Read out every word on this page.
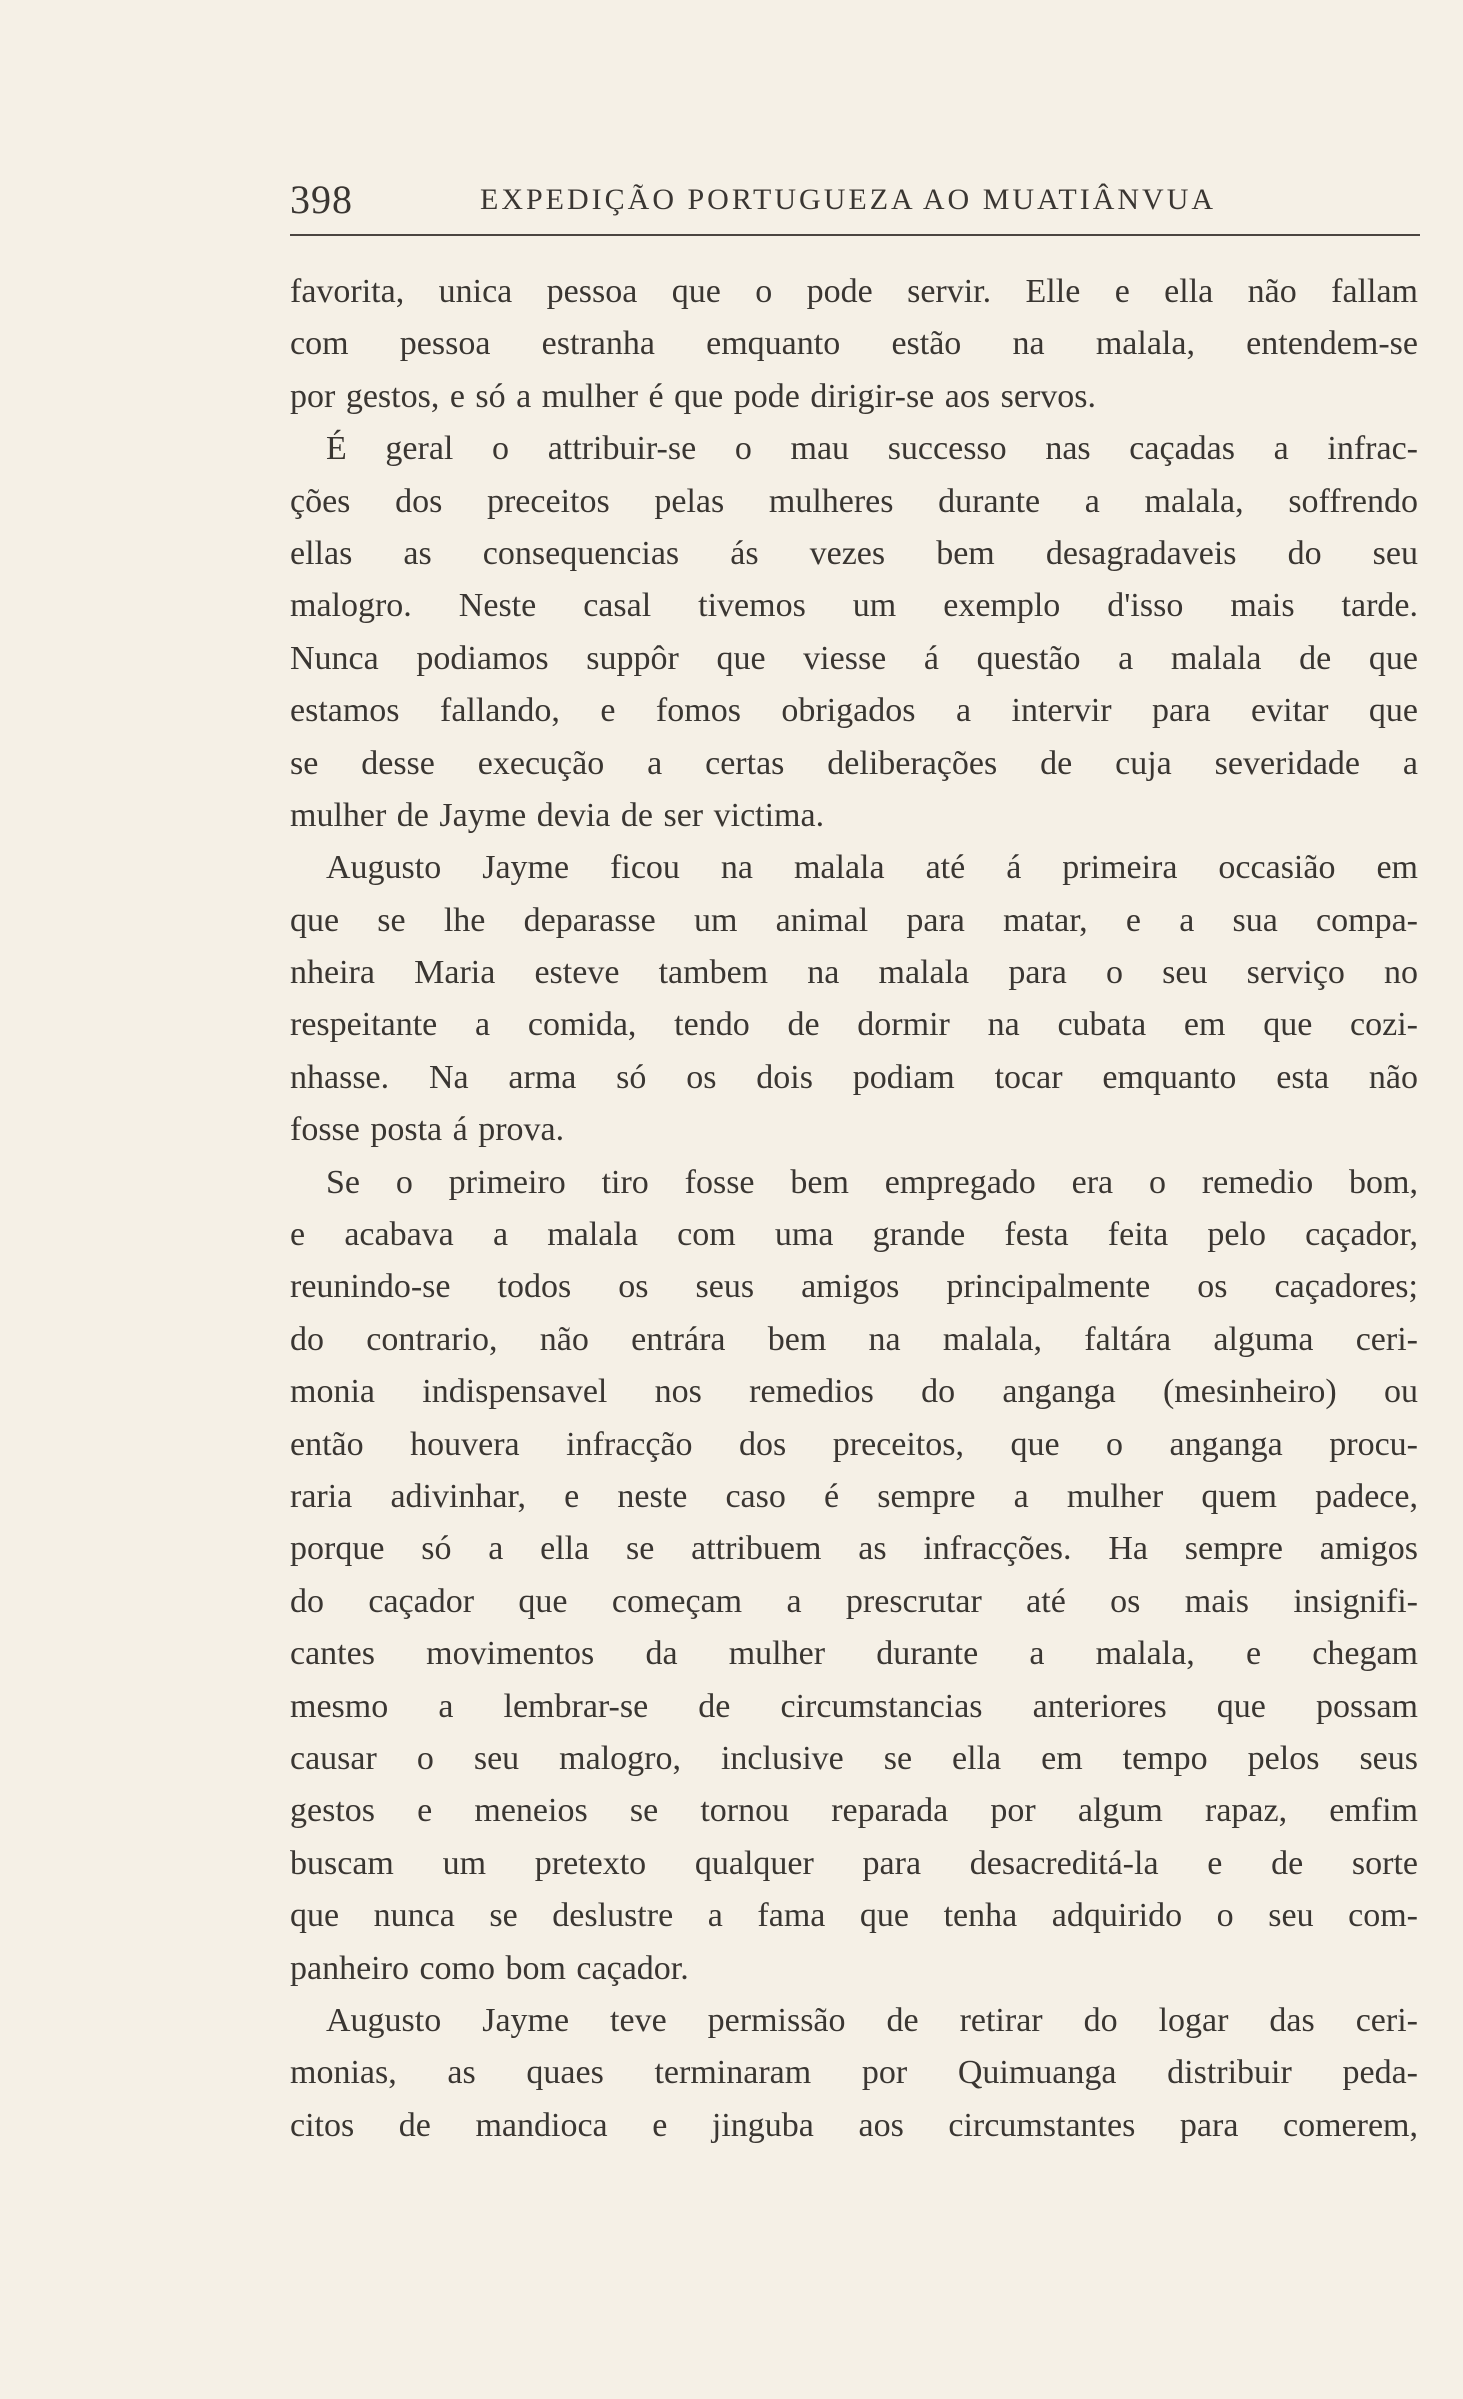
398	EXPEDIÇÃO PORTUGUEZA AO MUATIÂNVUA
favorita, unica pessoa que o pode servir. Elle e ella não fallam
com pessoa estranha emquanto estão na malala, entendem-se
por gestos, e só a mulher é que pode dirigir-se aos servos.
É geral o attribuir-se o mau successo nas caçadas a infrac-
ções dos preceitos pelas mulheres durante a malala, soffrendo
ellas as consequencias ás vezes bem desagradaveis do seu
malogro. Neste casal tivemos um exemplo d'isso mais tarde.
Nunca podiamos suppôr que viesse á questão a malala de que
estamos fallando, e fomos obrigados a intervir para evitar que
se desse execução a certas deliberações de cuja severidade a
mulher de Jayme devia de ser victima.
Augusto Jayme ficou na malala até á primeira occasião em
que se lhe deparasse um animal para matar, e a sua compa-
nheira Maria esteve tambem na malala para o seu serviço no
respeitante a comida, tendo de dormir na cubata em que cozi-
nhasse. Na arma só os dois podiam tocar emquanto esta não
fosse posta á prova.
Se o primeiro tiro fosse bem empregado era o remedio bom,
e acabava a malala com uma grande festa feita pelo caçador,
reunindo-se todos os seus amigos principalmente os caçadores;
do contrario, não entrára bem na malala, faltára alguma ceri-
monia indispensavel nos remedios do anganga (mesinheiro) ou
então houvera infracção dos preceitos, que o anganga procu-
raria adivinhar, e neste caso é sempre a mulher quem padece,
porque só a ella se attribuem as infracções. Ha sempre amigos
do caçador que começam a prescrutar até os mais insignifi-
cantes movimentos da mulher durante a malala, e chegam
mesmo a lembrar-se de circumstancias anteriores que possam
causar o seu malogro, inclusive se ella em tempo pelos seus
gestos e meneios se tornou reparada por algum rapaz, emfim
buscam um pretexto qualquer para desacreditá-la e de sorte
que nunca se deslustre a fama que tenha adquirido o seu com-
panheiro como bom caçador.
Augusto Jayme teve permissão de retirar do logar das ceri-
monias, as quaes terminaram por Quimuanga distribuir peda-
citos de mandioca e jinguba aos circumstantes para comerem,
